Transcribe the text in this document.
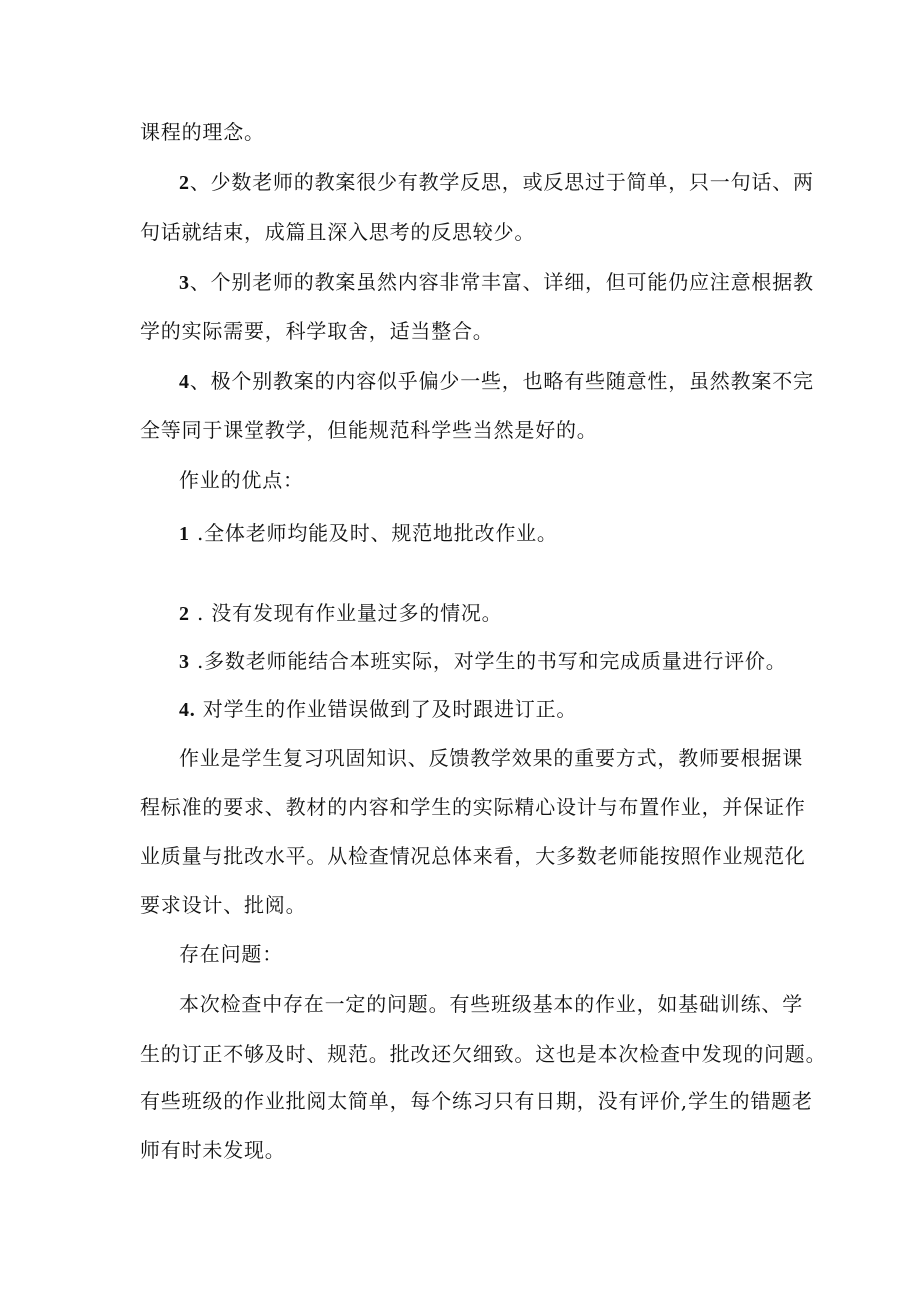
课程的理念。
2、少数老师的教案很少有教学反思，或反思过于简单，只一句话、两
句话就结束，成篇且深入思考的反思较少。
3、个别老师的教案虽然内容非常丰富、详细，但可能仍应注意根据教
学的实际需要，科学取舍，适当整合。
4、极个别教案的内容似乎偏少一些，也略有些随意性，虽然教案不完
全等同于课堂教学，但能规范科学些当然是好的。
作业的优点：
1 .全体老师均能及时、规范地批改作业。
2 . 没有发现有作业量过多的情况。
3 .多数老师能结合本班实际，对学生的书写和完成质量进行评价。
4. 对学生的作业错误做到了及时跟进订正。
作业是学生复习巩固知识、反馈教学效果的重要方式，教师要根据课
程标准的要求、教材的内容和学生的实际精心设计与布置作业，并保证作
业质量与批改水平。从检查情况总体来看，大多数老师能按照作业规范化
要求设计、批阅。
存在问题：
本次检查中存在一定的问题。有些班级基本的作业，如基础训练、学
生的订正不够及时、规范。批改还欠细致。这也是本次检查中发现的问题。
有些班级的作业批阅太简单，每个练习只有日期，没有评价,学生的错题老
师有时未发现。
